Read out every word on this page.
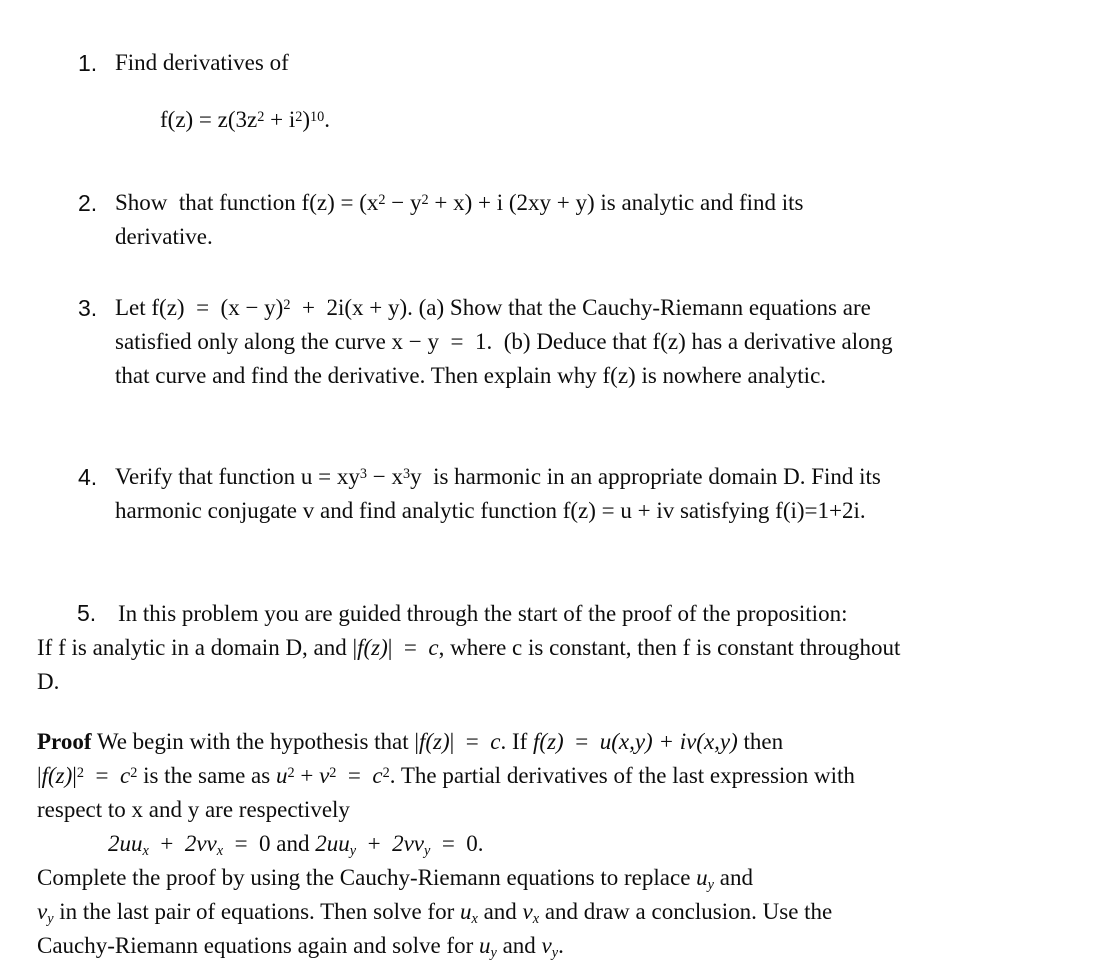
1. Find derivatives of
$f(z) = z(3z^2 + i^2)^{10}$.
2. Show  that function $f(z) = (x^2 - y^2 + x) + i$ (2xy + y) is analytic and find its
derivative.
3. Let $f(z) = (x - y)^2 + 2i(x + y)$. (a) Show that the Cauchy-Riemann equations are
satisfied only along the curve x − y  =  1.  (b) Deduce that f(z) has a derivative along
that curve and find the derivative. Then explain why f(z) is nowhere analytic.
4. Verify that function $u = xy^3 - x^3y$  is harmonic in an appropriate domain D. Find its
harmonic conjugate v and find analytic function f(z) = u + iv satisfying f(i)=1+2i.
5. In this problem you are guided through the start of the proof of the proposition:
If f is analytic in a domain D, and |f(z)|  =  c, where c is constant, then f is constant throughout
D.
Proof We begin with the hypothesis that |f(z)|  =  c. If f(z)  =  u(x,y) + iv(x,y) then
$|f(z)|^2 = c^2$ is the same as $u^2 + v^2 = c^2$. The partial derivatives of the last expression with
respect to x and y are respectively
$2uu_x + 2vv_x = 0$ and $2uu_y + 2vv_y = 0$.
Complete the proof by using the Cauchy-Riemann equations to replace $u_y$ and
$v_y$ in the last pair of equations. Then solve for $u_x$ and $v_x$ and draw a conclusion. Use the
Cauchy-Riemann equations again and solve for $u_y$ and $v_y$.
